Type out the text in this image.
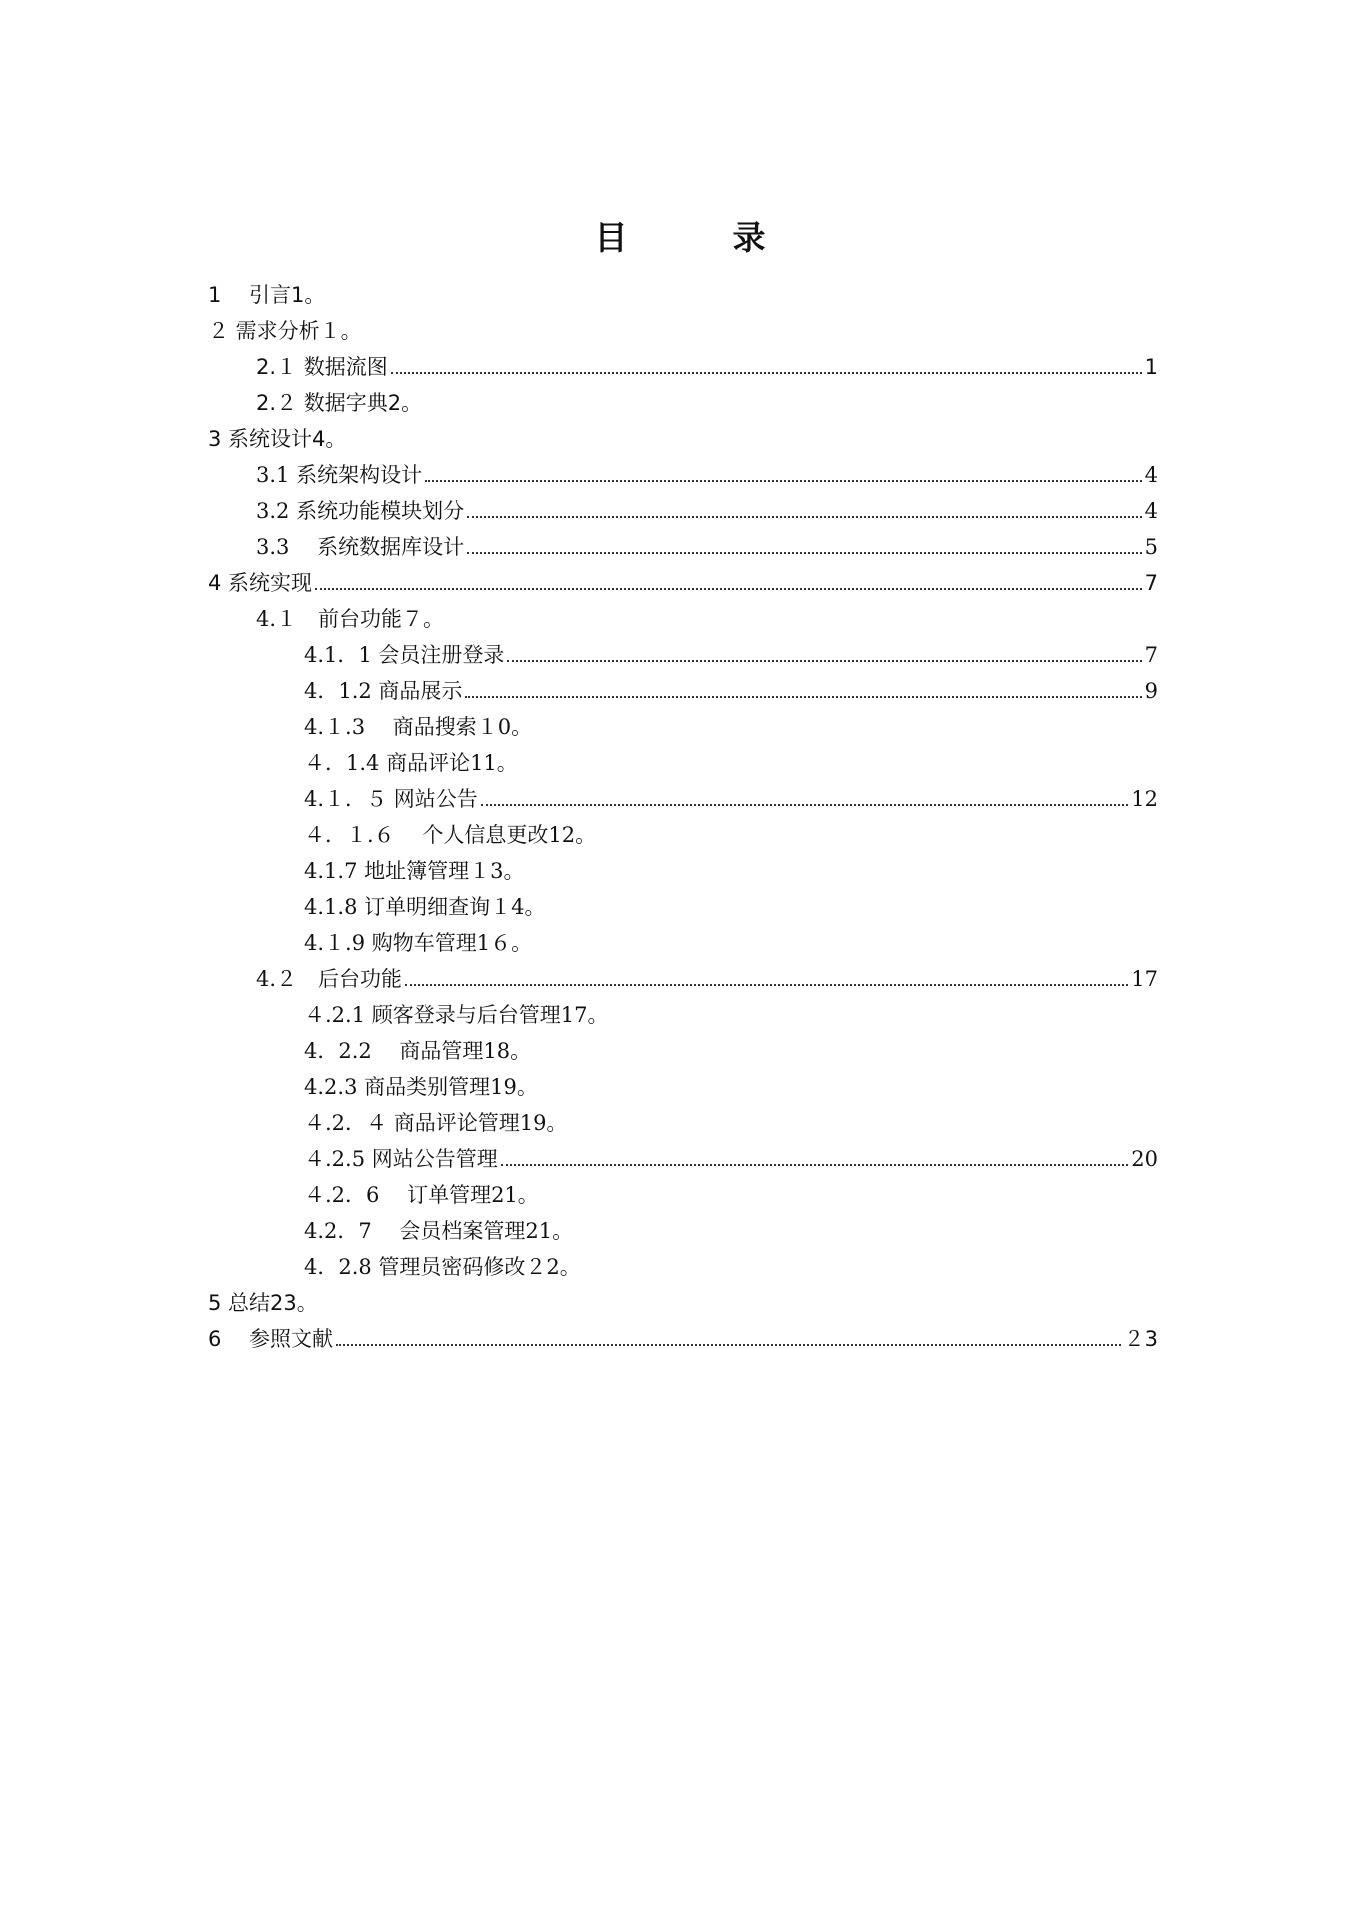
目　录
1　 引言1。
２ 需求分析１。
2.１ 数据流图	1
2.２ 数据字典2。
3 系统设计4。
3.1 系统架构设计	4
3.2 系统功能模块划分	4
3.3　 系统数据库设计	5
4 系统实现	7
4.１　前台功能７。
4.1．1 会员注册登录	7
4．1.2 商品展示	9
4.１.3　 商品搜索１0。
４．1.4 商品评论11。
4.１．５ 网站公告	12
４．１.６　 个人信息更改12。
4.1.7 地址簿管理１3。
4.1.8 订单明细查询１4。
4.１.9 购物车管理1６。
4.２　后台功能	17
４.2.1 顾客登录与后台管理17。
4．2.2　 商品管理18。
4.2.3 商品类别管理19。
４.2．４ 商品评论管理19。
４.2.5 网站公告管理	20
４.2．6　 订单管理21。
4.2．7　 会员档案管理21。
4．2.8 管理员密码修改２2。
5 总结23。
6　 参照文献	２3
